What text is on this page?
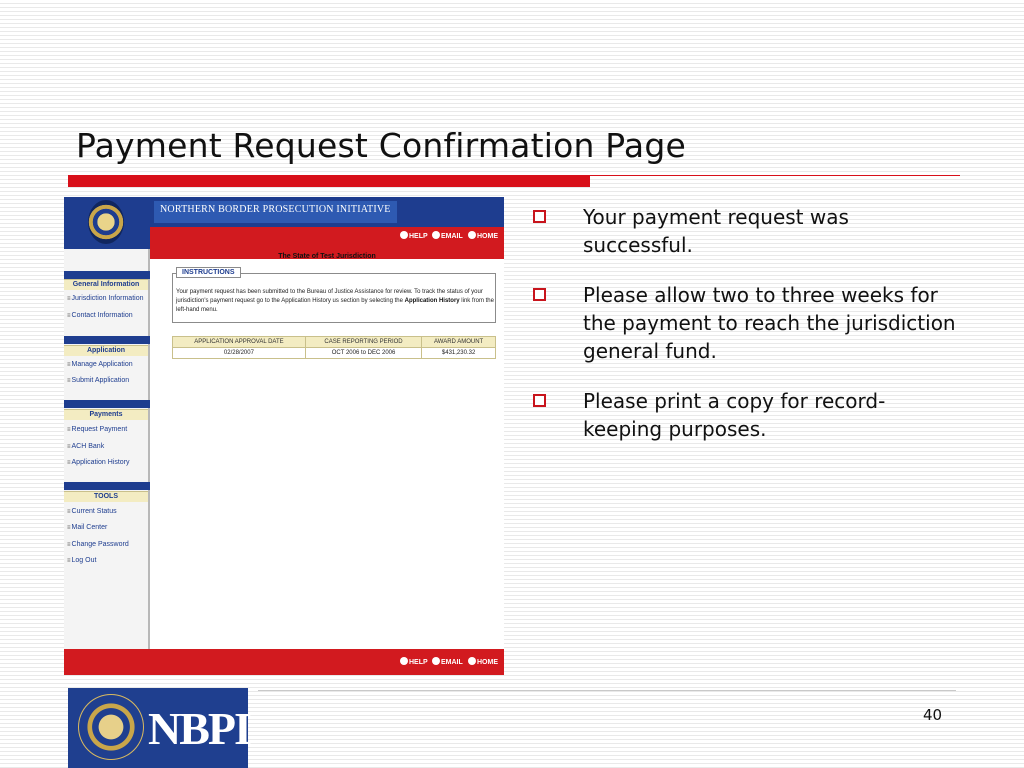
Payment Request Confirmation Page
NORTHERN BORDER PROSECUTION INITIATIVE
HELP	EMAIL	HOME
General Information
≡ Jurisdiction Information
≡ Contact Information
Application
≡ Manage Application
≡ Submit Application
Payments
≡ Request Payment
≡ ACH Bank
≡ Application History
TOOLS
≡ Current Status
≡ Mail Center
≡ Change Password
≡ Log Out
The State of Test Jurisdiction
INSTRUCTIONS
Your payment request has been submitted to the Bureau of Justice Assistance for review. To track the status of your jurisdiction's payment request go to the Application History us section by selecting the Application History link from the left-hand menu.
APPLICATION APPROVAL DATE	CASE REPORTING PERIOD	AWARD AMOUNT
02/28/2007	OCT 2006 to DEC 2006	$431,230.32
HELP	EMAIL	HOME
Your payment request was successful.
Please allow two to three weeks for the payment to reach the jurisdiction general fund.
Please print a copy for record-keeping purposes.
NBPI	40
